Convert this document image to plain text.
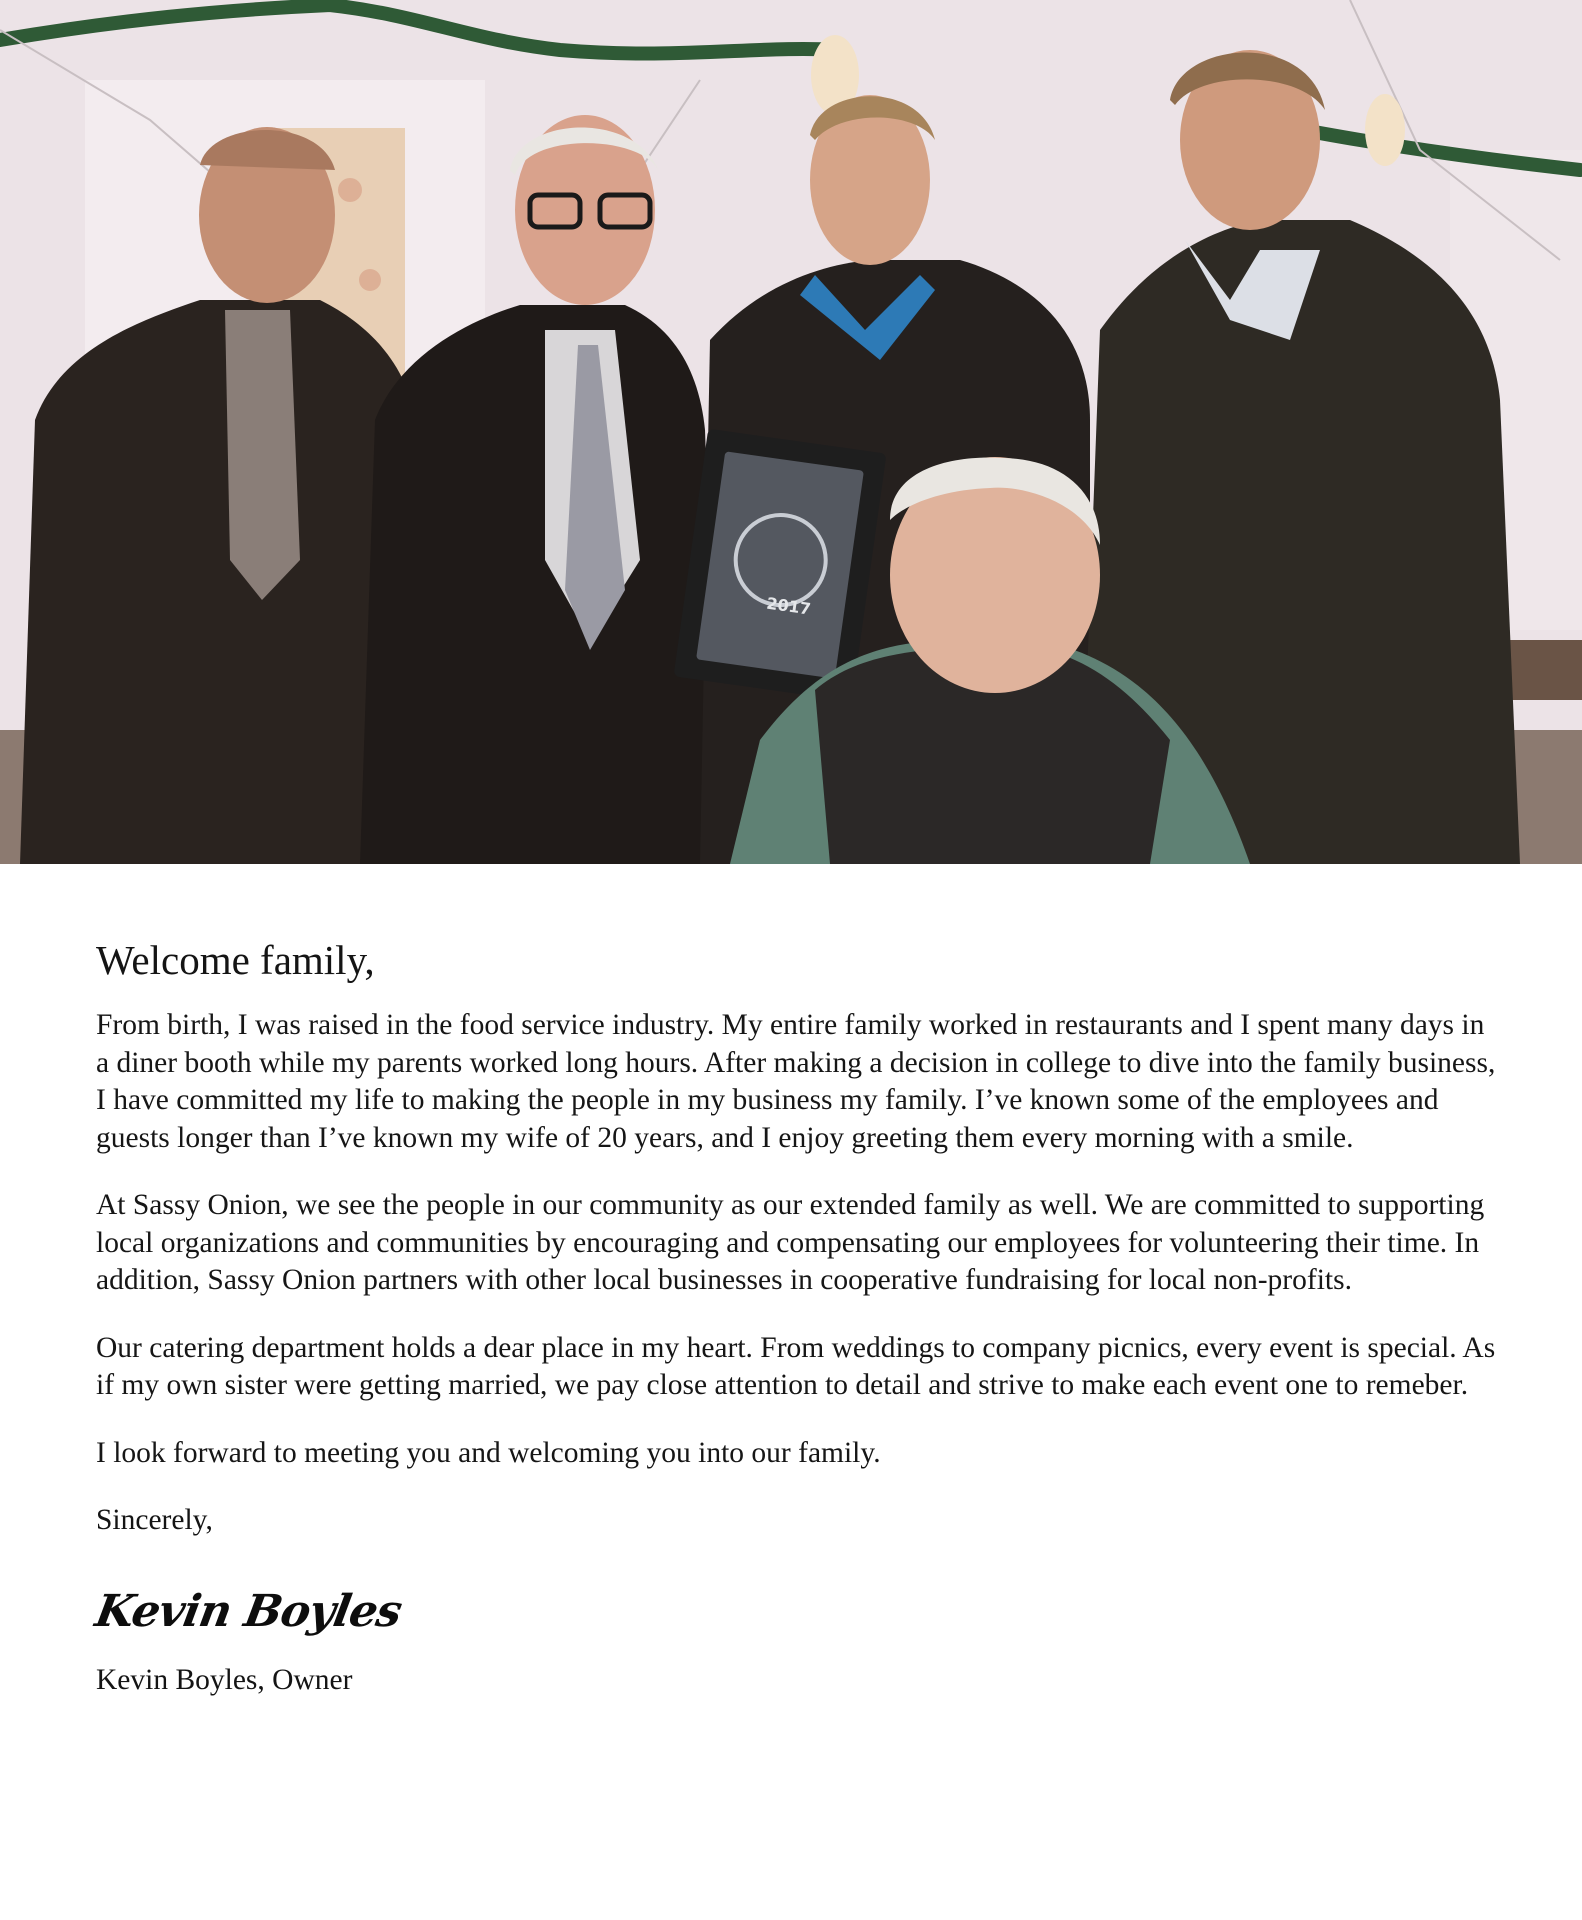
2017
Welcome family,

From birth, I was raised in the food service industry. My entire family worked in restaurants and I spent many days in a diner booth while my parents worked long hours. After making a decision in college to dive into the family business, I have committed my life to making the people in my business my family. I’ve known some of the employees and guests longer than I’ve known my wife of 20 years, and I enjoy greeting them every morning with a smile.

At Sassy Onion, we see the people in our community as our extended family as well. We are committed to supporting local organizations and communities by encouraging and compensating our employees for volunteering their time. In addition, Sassy Onion partners with other local businesses in cooperative fundraising for local non-profits.

Our catering department holds a dear place in my heart. From weddings to company picnics, every event is special. As if my own sister were getting married, we pay close attention to detail and strive to make each event one to remeber.

I look forward to meeting you and welcoming you into our family.

Sincerely,

Kevin Boyles

Kevin Boyles, Owner
